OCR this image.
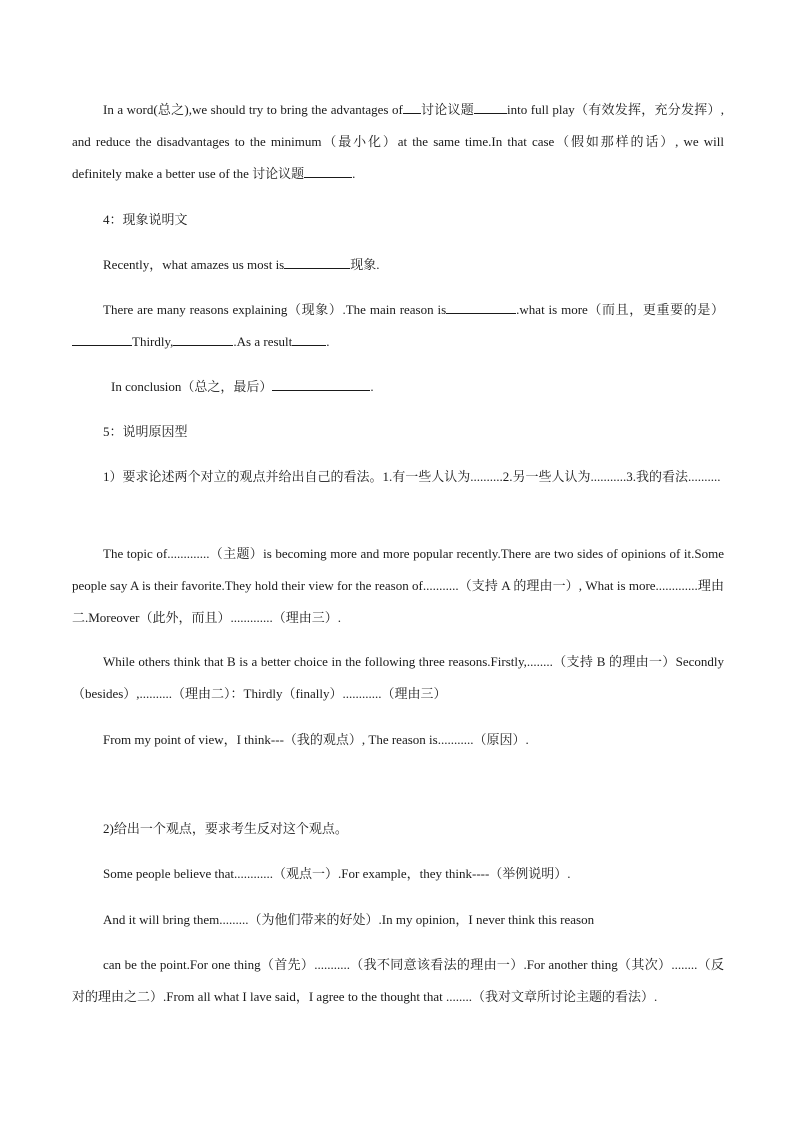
In a word(总之),we should try to bring the advantages of 讨论议题	into full play（有效发挥，充分发挥）, and reduce the disadvantages to the minimum（最小化）at the same time.In that case（假如那样的话）, we will definitely make a better use of the 讨论议题	.

4：现象说明文

Recently，what amazes us most is	现象.

There are many reasons explaining（现象）.The main reason is	.what is more（而且，更重要的是）Thirdly,	.As a result	.

In conclusion（总之，最后）	.

5：说明原因型

1）要求论述两个对立的观点并给出自己的看法。1.有一些人认为..........2.另一些人认为...........3.我的看法..........

The topic of.............（主题）is becoming more and more popular recently.There are two sides of opinions of it.Some people say A is their favorite.They hold their view for the reason of...........（支持 A 的理由一）, What is more.............理由二.Moreover（此外，而且）.............（理由三）.

While others think that B is a better choice in the following three reasons.Firstly,........（支持 B 的理由一）Secondly（besides）,..........（理由二）：Thirdly（finally）............（理由三）

From my point of view，I think---（我的观点）, The reason is...........（原因）.

2)给出一个观点，要求考生反对这个观点。

Some people believe that............（观点一）.For example，they think----（举例说明）.

And it will bring them.........（为他们带来的好处）.In my opinion，I never think this reason

can be the point.For one thing（首先）...........（我不同意该看法的理由一）.For another thing（其次）........（反对的理由之二）.From all what I lave said，I agree to the thought that ........（我对文章所讨论主题的看法）.
